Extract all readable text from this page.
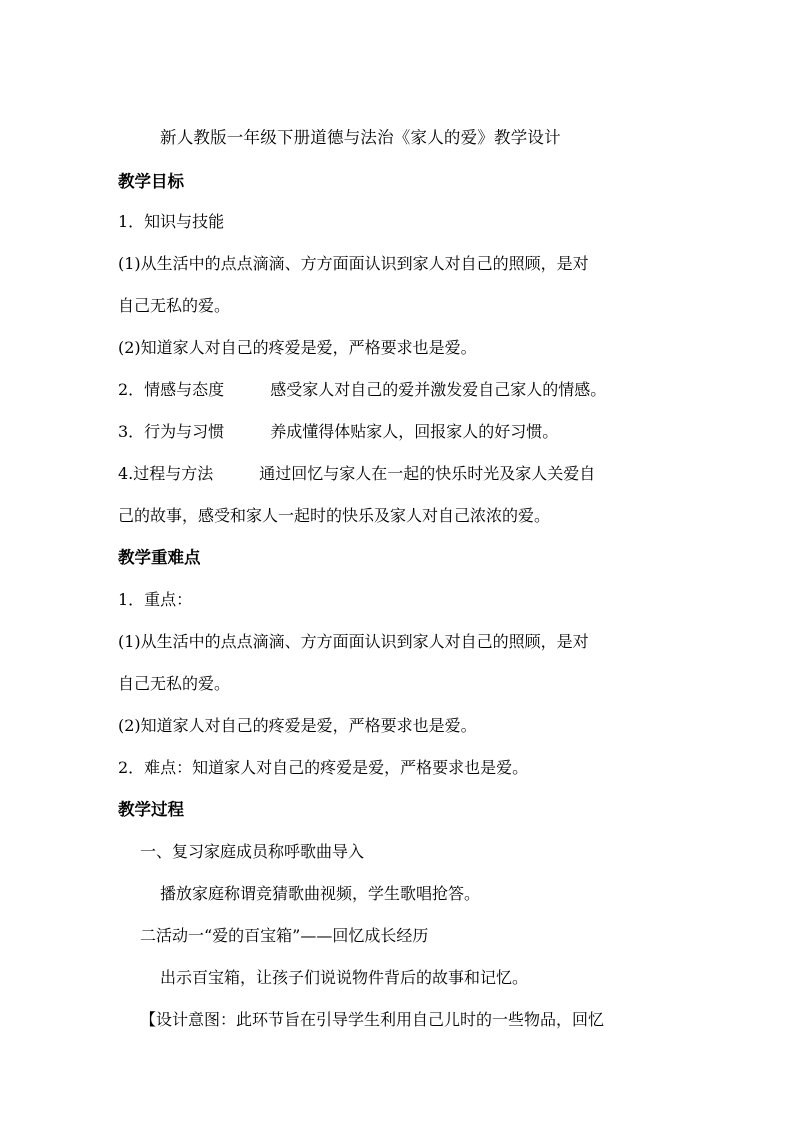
新人教版一年级下册道德与法治《家人的爱》教学设计
教学目标
1．知识与技能
(1)从生活中的点点滴滴、方方面面认识到家人对自己的照顾，是对
自己无私的爱。
(2)知道家人对自己的疼爱是爱，严格要求也是爱。
2．情感与态度	感受家人对自己的爱并激发爱自己家人的情感。
3．行为与习惯	养成懂得体贴家人，回报家人的好习惯。
4.过程与方法	通过回忆与家人在一起的快乐时光及家人关爱自
己的故事，感受和家人一起时的快乐及家人对自己浓浓的爱。
教学重难点
1．重点：
(1)从生活中的点点滴滴、方方面面认识到家人对自己的照顾，是对
自己无私的爱。
(2)知道家人对自己的疼爱是爱，严格要求也是爱。
2．难点：知道家人对自己的疼爱是爱，严格要求也是爱。
教学过程
一、复习家庭成员称呼歌曲导入
播放家庭称谓竞猜歌曲视频，学生歌唱抢答。
二活动一“爱的百宝箱”——回忆成长经历
出示百宝箱，让孩子们说说物件背后的故事和记忆。
【设计意图：此环节旨在引导学生利用自己儿时的一些物品，回忆
